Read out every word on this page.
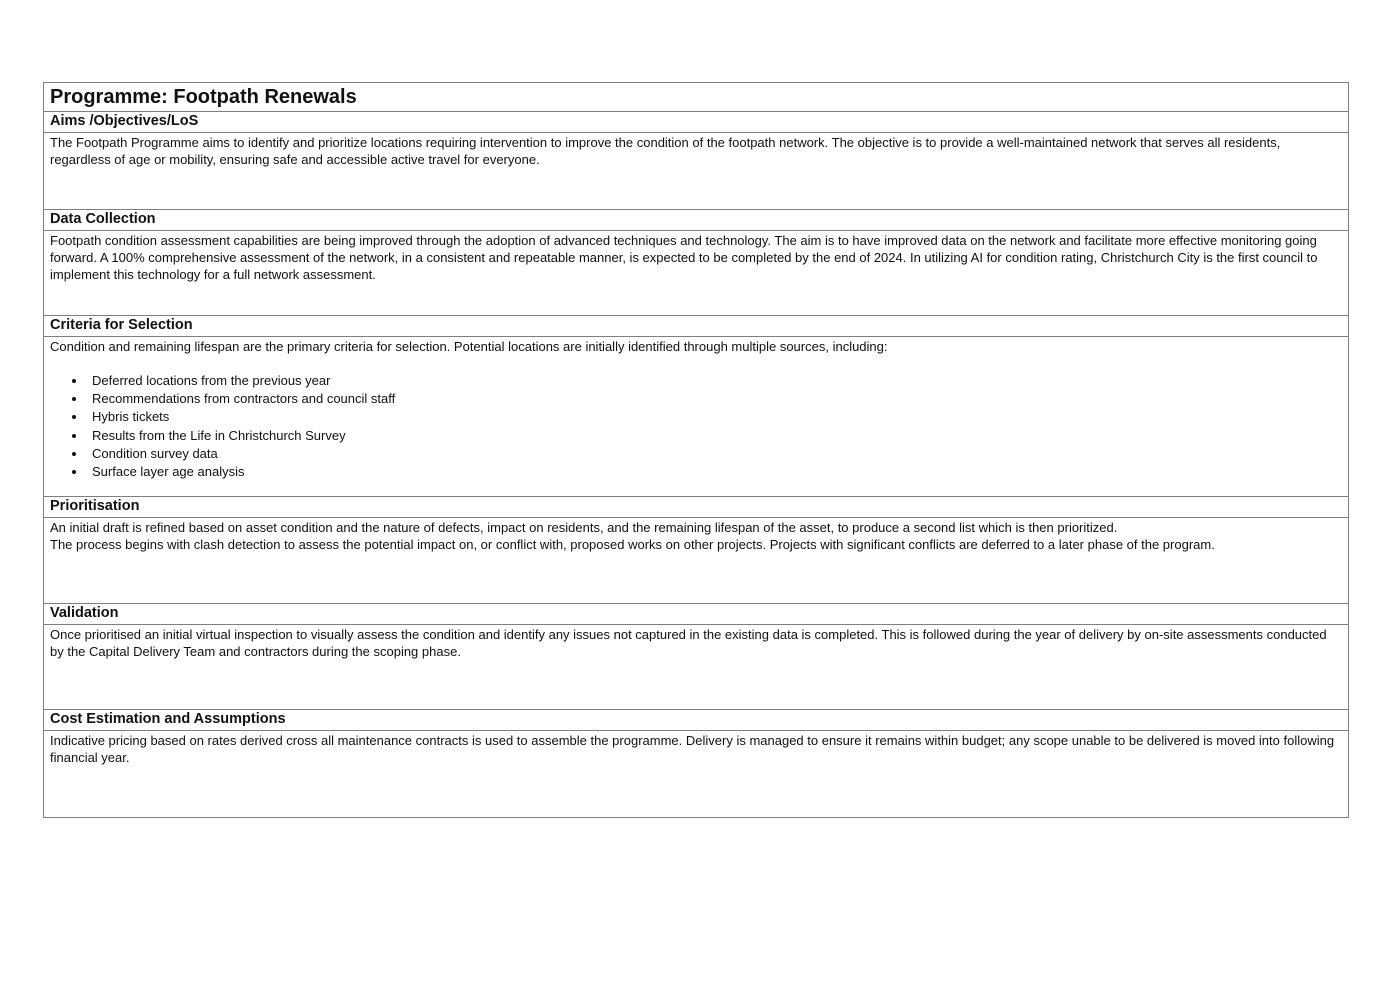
Programme: Footpath Renewals
Aims /Objectives/LoS

The Footpath Programme aims to identify and prioritize locations requiring intervention to improve the condition of the footpath network. The objective is to provide a well-maintained network that serves all residents, regardless of age or mobility, ensuring safe and accessible active travel for everyone.

Data Collection

Footpath condition assessment capabilities are being improved through the adoption of advanced techniques and technology. The aim is to have improved data on the network and facilitate more effective monitoring going forward. A 100% comprehensive assessment of the network, in a consistent and repeatable manner, is expected to be completed by the end of 2024. In utilizing AI for condition rating, Christchurch City is the first council to implement this technology for a full network assessment.

Criteria for Selection

Condition and remaining lifespan are the primary criteria for selection. Potential locations are initially identified through multiple sources, including:

Deferred locations from the previous year
Recommendations from contractors and council staff
Hybris tickets
Results from the Life in Christchurch Survey
Condition survey data
Surface layer age analysis
Prioritisation

An initial draft is refined based on asset condition and the nature of defects, impact on residents, and the remaining lifespan of the asset, to produce a second list which is then prioritized.

The process begins with clash detection to assess the potential impact on, or conflict with, proposed works on other projects. Projects with significant conflicts are deferred to a later phase of the program.

Validation

Once prioritised an initial virtual inspection to visually assess the condition and identify any issues not captured in the existing data is completed. This is followed during the year of delivery by on-site assessments conducted by the Capital Delivery Team and contractors during the scoping phase.

Cost Estimation and Assumptions

Indicative pricing based on rates derived cross all maintenance contracts is used to assemble the programme. Delivery is managed to ensure it remains within budget; any scope unable to be delivered is moved into following financial year.
